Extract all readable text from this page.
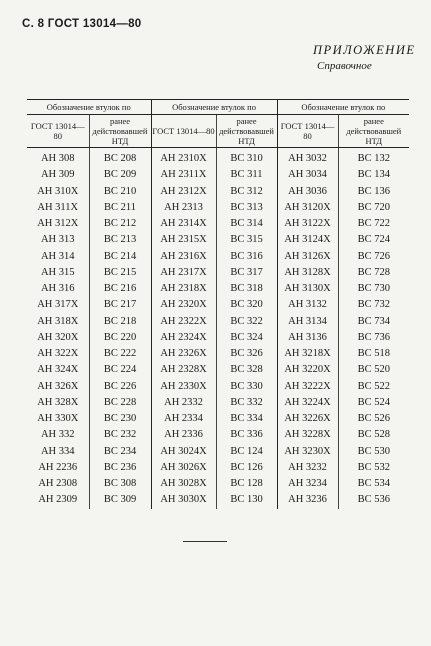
С. 8 ГОСТ 13014—80
ПРИЛОЖЕНИЕ
Справочное
Обозначение втулок по		Обозначение втулок по		Обозначение втулок по	
ГОСТ 13014—80	ранее действовавшей НТД	ГОСТ 13014—80	ранее действовавшей НТД	ГОСТ 13014—80	ранее действовавшей НТД
АН 308	ВС 208	АН 2310Х	ВС 310	АН 3032	ВС 132
АН 309	ВС 209	АН 2311Х	ВС 311	АН 3034	ВС 134
АН 310Х	ВС 210	АН 2312Х	ВС 312	АН 3036	ВС 136
АН 311Х	ВС 211	АН 2313	ВС 313	АН 3120Х	ВС 720
АН 312Х	ВС 212	АН 2314Х	ВС 314	АН 3122Х	ВС 722
АН 313	ВС 213	АН 2315Х	ВС 315	АН 3124Х	ВС 724
АН 314	ВС 214	АН 2316Х	ВС 316	АН 3126Х	ВС 726
АН 315	ВС 215	АН 2317Х	ВС 317	АН 3128Х	ВС 728
АН 316	ВС 216	АН 2318Х	ВС 318	АН 3130Х	ВС 730
АН 317Х	ВС 217	АН 2320Х	ВС 320	АН 3132	ВС 732
АН 318Х	ВС 218	АН 2322Х	ВС 322	АН 3134	ВС 734
АН 320Х	ВС 220	АН 2324Х	ВС 324	АН 3136	ВС 736
АН 322Х	ВС 222	АН 2326Х	ВС 326	АН 3218Х	ВС 518
АН 324Х	ВС 224	АН 2328Х	ВС 328	АН 3220Х	ВС 520
АН 326Х	ВС 226	АН 2330Х	ВС 330	АН 3222Х	ВС 522
АН 328Х	ВС 228	АН 2332	ВС 332	АН 3224Х	ВС 524
АН 330Х	ВС 230	АН 2334	ВС 334	АН 3226Х	ВС 526
АН 332	ВС 232	АН 2336	ВС 336	АН 3228Х	ВС 528
АН 334	ВС 234	АН 3024Х	ВС 124	АН 3230Х	ВС 530
АН 2236	ВС 236	АН 3026Х	ВС 126	АН 3232	ВС 532
АН 2308	ВС 308	АН 3028Х	ВС 128	АН 3234	ВС 534
АН 2309	ВС 309	АН 3030Х	ВС 130	АН 3236	ВС 536
